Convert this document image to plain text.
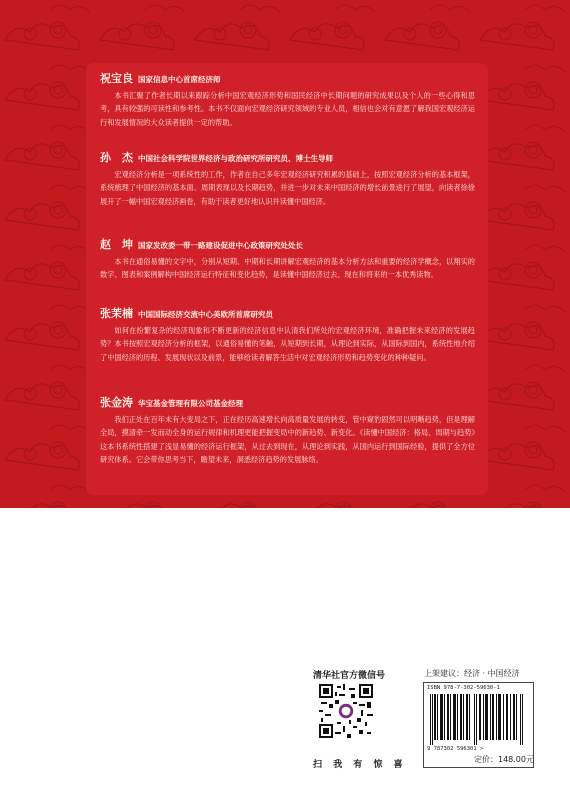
祝宝良 国家信息中心首席经济师
本书汇聚了作者长期以来跟踪分析中国宏观经济形势和国民经济中长期问题的研究成果以及个人的一些心得和思考，具有较强的可读性和参考性。本书不仅面向宏观经济研究领域的专业人员，相信也会对有意愿了解我国宏观经济运行和发展情况的大众读者提供一定的帮助。
孙　杰 中国社会科学院世界经济与政治研究所研究员、博士生导师
宏观经济分析是一项系统性的工作，作者在自己多年宏观经济研究积累的基础上，按照宏观经济分析的基本框架，系统梳理了中国经济的基本面、周期表现以及长期趋势，并进一步对未来中国经济的增长前景进行了展望，向读者徐徐展开了一幅中国宏观经济画卷，有助于读者更好地认识并读懂中国经济。
赵　坤 国家发改委一带一路建设促进中心政策研究处处长
本书在通俗易懂的文字中，分别从短期、中期和长期讲解宏观经济的基本分析方法和重要的经济学概念，以翔实的数字、图表和案例解构中国经济运行特征和变化趋势，是读懂中国经济过去、现在和将来的一本优秀读物。
张茉楠 中国国际经济交流中心美欧所首席研究员
如何在纷繁复杂的经济现象和不断更新的经济信息中认清我们所处的宏观经济环境，准确把握未来经济的发展趋势？本书按照宏观经济分析的框架，以通俗易懂的笔触，从短期到长期，从理论到实际，从国际到国内，系统性地介绍了中国经济的历程、发展现状以及前景，能够给读者解答生活中对宏观经济形势和趋势变化的种种疑问。
张金涛 华宝基金管理有限公司基金经理
我们正处在百年未有大变局之下，正在经历高速增长向高质量发展的转变，管中窥豹固然可以明晰趋势，但是理解全局，摸清牵一发而动全身的运行规律和机理更能把握变局中的新趋势、新变化。《读懂中国经济：格局、周期与趋势》这本书系统性搭建了浅显易懂的经济运行框架，从过去到现在，从理论到实践，从国内运行到国际经验，提供了全方位研究体系。它会带你思考当下，瞻望未来，洞悉经济趋势的发展脉络。
清华社官方微信号
扫 我 有 惊 喜
上架建议：经济 · 中国经济
ISBN 978-7-302-59630-1
9 787302 596301 >
定价：148.00元
